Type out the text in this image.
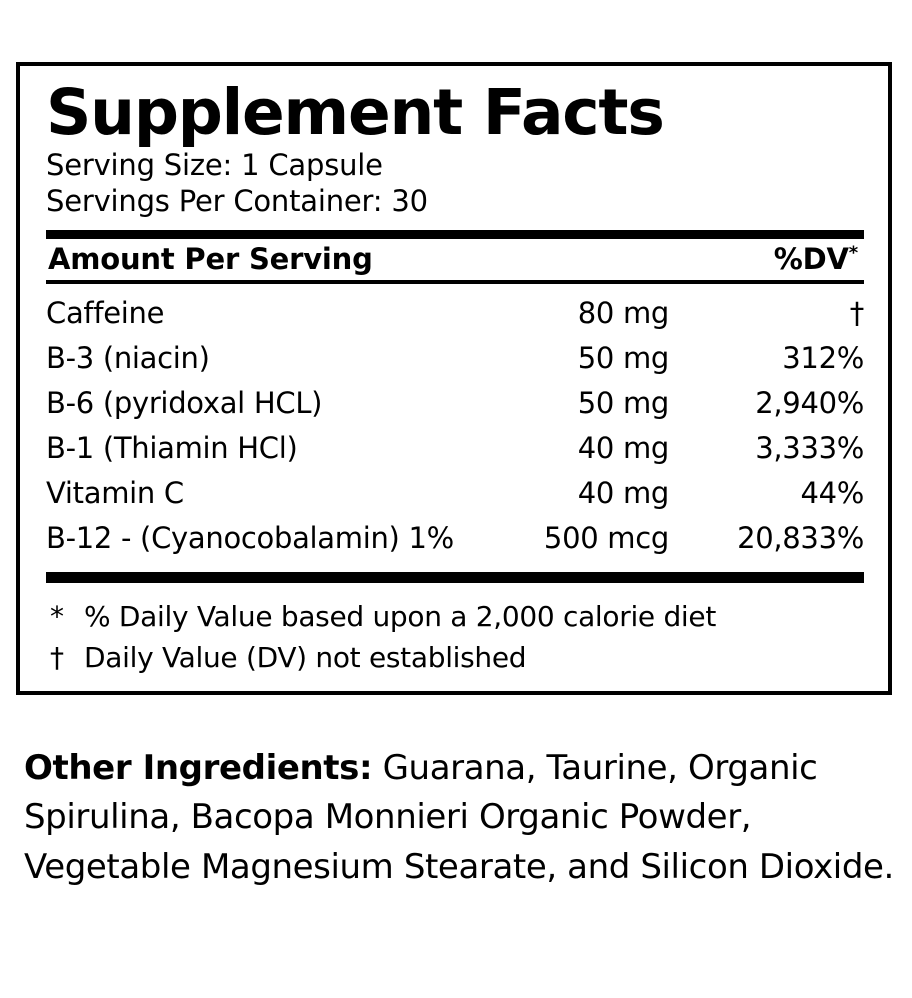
Supplement Facts
Serving Size: 1 Capsule
Servings Per Container: 30
Amount Per Serving	%DV*
Caffeine	80 mg	†
B-3 (niacin)	50 mg	312%
B-6 (pyridoxal HCL)	50 mg	2,940%
B-1 (Thiamin HCl)	40 mg	3,333%
Vitamin C	40 mg	44%
B-12 - (Cyanocobalamin) 1%	500 mcg	20,833%
* % Daily Value based upon a 2,000 calorie diet
† Daily Value (DV) not established
Other Ingredients: Guarana, Taurine, Organic Spirulina, Bacopa Monnieri Organic Powder, Vegetable Magnesium Stearate, and Silicon Dioxide.
